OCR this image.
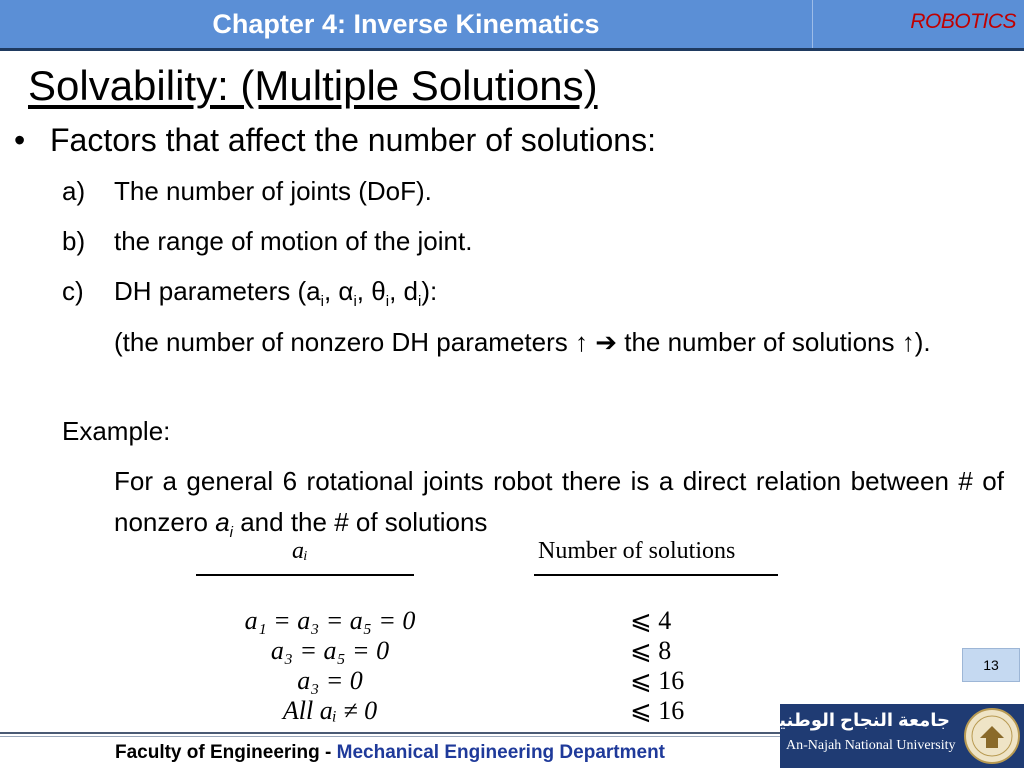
Chapter 4: Inverse Kinematics	ROBOTICS
Solvability: (Multiple Solutions)
• Factors that affect the number of solutions:
a) The number of joints (DoF).
b) the range of motion of the joint.
c) DH parameters ($a_i$, $\alpha_i$, $\theta_i$, $d_i$):
(the number of nonzero DH parameters ↑ ➔ the number of solutions ↑).
Example:
For a general 6 rotational joints robot there is a direct relation between # of nonzero $a_i$ and the # of solutions
aᵢ	Number of solutions
a₁ = a₃ = a₅ = 0	⩽ 4
a₃ = a₅ = 0	⩽ 8
a₃ = 0	⩽ 16
All aᵢ ≠ 0	⩽ 16
13
Faculty of Engineering - Mechanical Engineering Department
جامعة النجاح الوطنية
An-Najah National University
